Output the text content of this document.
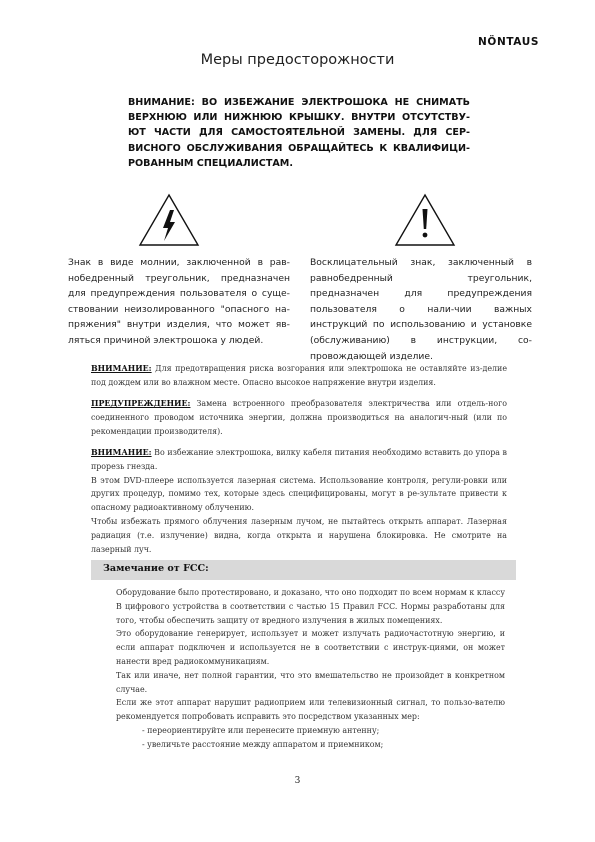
NÖNTAUS
Меры предосторожности
ВНИМАНИЕ: ВО ИЗБЕЖАНИЕ ЭЛЕКТРОШОКА НЕ СНИМАТЬ ВЕРХНЮЮ ИЛИ НИЖНЮЮ КРЫШКУ. ВНУТРИ ОТСУТСТВУ-ЮТ ЧАСТИ ДЛЯ САМОСТОЯТЕЛЬНОЙ ЗАМЕНЫ. ДЛЯ СЕР-ВИСНОГО ОБСЛУЖИВАНИЯ ОБРАЩАЙТЕСЬ К КВАЛИФИЦИ-РОВАННЫМ СПЕЦИАЛИСТАМ.
Знак в виде молнии, заключенной в рав-нобедренный треугольник, предназначен для предупреждения пользователя о суще-ствовании неизолированного "опасного на-пряжения" внутри изделия, что может яв-ляться причиной электрошока у людей.
Восклицательный знак, заключенный в равнобедренный треугольник, предназначен для предупреждения пользователя о нали-чии важных инструкций по использованию и установке (обслуживанию) в инструкции, со-провождающей изделие.

ВНИМАНИЕ: Для предотвращения риска возгорания или электрошока не оставляйте из-делие под дождем или во влажном месте. Опасно высокое напряжение внутри изделия.

ПРЕДУПРЕЖДЕНИЕ: Замена встроенного преобразователя электричества или отдель-ного соединенного проводом источника энергии, должна производиться на аналогич-ный (или по рекомендации производителя).

ВНИМАНИЕ: Во избежание электрошока, вилку кабеля питания необходимо вставить до упора в прорезь гнезда.

В этом DVD-плеере используется лазерная система. Использование контроля, регули-ровки или других процедур, помимо тех, которые здесь специфицированы, могут в ре-зультате привести к опасному радиоактивному облучению.

Чтобы избежать прямого облучения лазерным лучом, не пытайтесь открыть аппарат. Лазерная радиация (т.е. излучение) видна, когда открыта и нарушена блокировка. Не смотрите на лазерный луч.

Замечание от FCC:

Оборудование было протестировано, и доказано, что оно подходит по всем нормам к классу В цифрового устройства в соответствии с частью 15 Правил FCC. Нормы разработаны для того, чтобы обеспечить защиту от вредного излучения в жилых помещениях.

Это оборудование генерирует, использует и может излучать радиочастотную энергию, и если аппарат подключен и используется не в соответствии с инструк-циями, он может нанести вред радиокоммуникациям.

Так или иначе, нет полной гарантии, что это вмешательство не произойдет в конкретном случае.

Если же этот аппарат нарушит радиоприем или телевизионный сигнал, то пользо-вателю рекомендуется попробовать исправить это посредством указанных мер:

- переориентируйте или перенесите приемную антенну;

- увеличьте расстояние между аппаратом и приемником;

3
